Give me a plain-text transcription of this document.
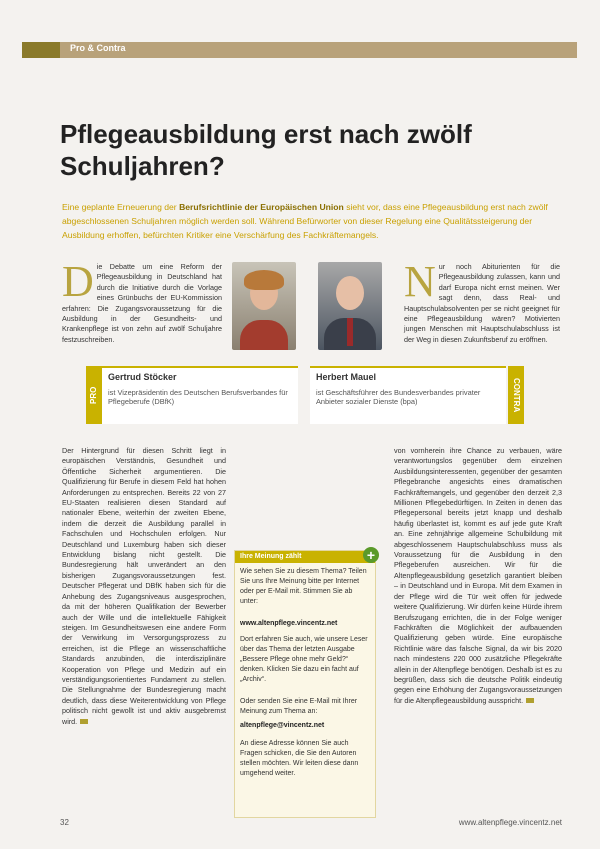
Pro & Contra
Pflegeausbildung erst nach zwölf Schuljahren?
Eine geplante Erneuerung der Berufsrichtlinie der Europäischen Union sieht vor, dass eine Pflegeausbildung erst nach zwölf abgeschlossenen Schuljahren möglich werden soll. Während Befürworter von dieser Regelung eine Qualitätssteigerung der Ausbildung erhoffen, befürchten Kritiker eine Verschärfung des Fachkräftemangels.
Die Debatte um eine Reform der Pflegeausbildung in Deutschland hat durch die Initiative durch die Vorlage eines Grünbuchs der EU-Kommission erfahren: Die Zugangsvoraussetzung für die Ausbildung in der Gesundheits- und Krankenpflege ist von zehn auf zwölf Schuljahre festzuschreiben.
Nur noch Abiturienten für die Pflegeausbildung zulassen, kann und darf Europa nicht ernst meinen. Wer sagt denn, dass Real- und Hauptschulabsolventen per se nicht geeignet für eine Pflegeausbildung wären? Motivierten jungen Menschen mit Hauptschulabschluss ist der Weg in diesen Zukunftsberuf zu eröffnen.
PRO
Gertrud Stöcker
ist Vizepräsidentin des Deutschen Berufsverbandes für Pflegeberufe (DBfK)
Herbert Mauel
ist Geschäftsführer des Bundesverbandes privater Anbieter sozialer Dienste (bpa)	CONTRA
Der Hintergrund für diesen Schritt liegt in europäischen Verständnis, Gesundheit und Öffentliche Sicherheit argumentieren. Die Qualifizierung für Berufe in diesem Feld hat hohen Anforderungen zu entsprechen. Bereits 22 von 27 EU-Staaten realisieren diesen Standard auf nationaler Ebene, weiterhin der zweiten Ebene, indem die derzeit die Ausbildung parallel in Fachschulen und Hochschulen erfolgen. Nur Deutschland und Luxemburg haben sich dieser Entwicklung bislang nicht gestellt. Die Bundesregierung hält unverändert an den bisherigen Zugangsvoraussetzungen fest. Deutscher Pflegerat und DBfK haben sich für die Anhebung des Zugangsniveaus ausgesprochen, da mit der höheren Qualifikation der Bewerber auch der Wille und die intellektuelle Fähigkeit steigen. Im Gesundheitswesen eine andere Form der Verwirkung im Versorgungsprozess zu erreichen, ist die Pflege an wissenschaftliche Standards anzubinden, die interdisziplinäre Kooperation von Pflege und Medizin auf ein verständigungsorientiertes Fundament zu stellen. Die Stellungnahme der Bundesregierung macht deutlich, dass diese Weiterentwicklung von Pflege politisch nicht gewollt ist und aktiv ausgebremst wird.
Ihre Meinung zählt	+
Wie sehen Sie zu diesem Thema? Teilen Sie uns Ihre Meinung bitte per Internet oder per E-Mail mit. Stimmen Sie ab unter:
www.altenpflege.vincentz.net
Dort erfahren Sie auch, wie unsere Leser über das Thema der letzten Ausgabe „Bessere Pflege ohne mehr Geld?“ denken. Klicken Sie dazu ein facht auf „Archiv“.
Oder senden Sie eine E-Mail mit Ihrer Meinung zum Thema an:
altenpflege@vincentz.net
An diese Adresse können Sie auch Fragen schicken, die Sie den Autoren stellen möchten. Wir leiten diese dann umgehend weiter.
von vornherein ihre Chance zu verbauen, wäre verantwortungslos gegenüber dem einzelnen Ausbildungsinteressenten, gegenüber der gesamten Pflegebranche angesichts eines dramatischen Fachkräftemangels, und gegenüber den derzeit 2,3 Millionen Pflegebedürftigen. In Zeiten in denen das Pflegepersonal bereits jetzt knapp und deshalb häufig überlastet ist, kommt es auf jede gute Kraft an. Eine zehnjährige allgemeine Schulbildung mit abgeschlossenem Hauptschulabschluss muss als Voraussetzung für die Ausbildung in den Pflegeberufen ausreichen. Wir für die Altenpflegeausbildung gesetzlich garantiert bleiben – in Deutschland und in Europa. Mit dem Examen in der Pflege wird die Tür weit offen für jedwede weitere Qualifizierung. Wir dürfen keine Hürde ihrem Berufszugang errichten, die in der Folge weniger Fachkräften die Möglichkeit der aufbauenden Qualifizierung geben würde. Eine europäische Richtlinie wäre das falsche Signal, da wir bis 2020 nach mindestens 220 000 zusätzliche Pflegekräfte allein in der Altenpflege benötigen. Deshalb ist es zu begrüßen, dass sich die deutsche Politik eindeutig gegen eine Erhöhung der Zugangsvoraussetzungen für die Altenpflegeausbildung ausspricht.
32	www.altenpflege.vincentz.net
